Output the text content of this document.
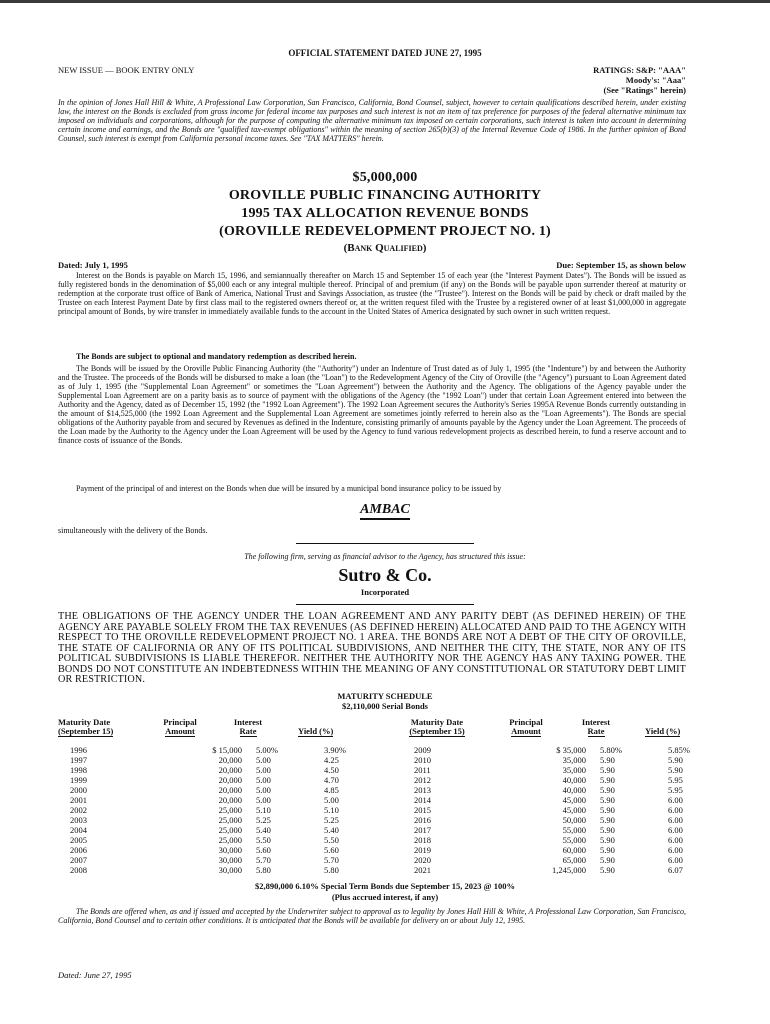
OFFICIAL STATEMENT DATED JUNE 27, 1995
NEW ISSUE — BOOK ENTRY ONLY	RATINGS: S&P: "AAA"
Moody's: "Aaa"
(See "Ratings" herein)
In the opinion of Jones Hall Hill & White, A Professional Law Corporation, San Francisco, California, Bond Counsel, subject, however to certain qualifications described herein, under existing law, the interest on the Bonds is excluded from gross income for federal income tax purposes and such interest is not an item of tax preference for purposes of the federal alternative minimum tax imposed on individuals and corporations, although for the purpose of computing the alternative minimum tax imposed on certain corporations, such interest is taken into account in determining certain income and earnings, and the Bonds are "qualified tax-exempt obligations" within the meaning of section 265(b)(3) of the Internal Revenue Code of 1986. In the further opinion of Bond Counsel, such interest is exempt from California personal income taxes. See "TAX MATTERS" herein.
$5,000,000
OROVILLE PUBLIC FINANCING AUTHORITY
1995 TAX ALLOCATION REVENUE BONDS
(OROVILLE REDEVELOPMENT PROJECT NO. 1)
(Bank Qualified)
Dated: July 1, 1995	Due: September 15, as shown below
Interest on the Bonds is payable on March 15, 1996, and semiannually thereafter on March 15 and September 15 of each year (the "Interest Payment Dates"). The Bonds will be issued as fully registered bonds in the denomination of $5,000 each or any integral multiple thereof. Principal of and premium (if any) on the Bonds will be payable upon surrender thereof at maturity or redemption at the corporate trust office of Bank of America, National Trust and Savings Association, as trustee (the "Trustee"). Interest on the Bonds will be paid by check or draft mailed by the Trustee on each Interest Payment Date by first class mail to the registered owners thereof or, at the written request filed with the Trustee by a registered owner of at least $1,000,000 in aggregate principal amount of Bonds, by wire transfer in immediately available funds to the account in the United States of America designated by such owner in such written request.
The Bonds are subject to optional and mandatory redemption as described herein.
The Bonds will be issued by the Oroville Public Financing Authority (the "Authority") under an Indenture of Trust dated as of July 1, 1995 (the "Indenture") by and between the Authority and the Trustee. The proceeds of the Bonds will be disbursed to make a loan (the "Loan") to the Redevelopment Agency of the City of Oroville (the "Agency") pursuant to Loan Agreement dated as of July 1, 1995 (the "Supplemental Loan Agreement" or sometimes the "Loan Agreement") between the Authority and the Agency. The obligations of the Agency payable under the Supplemental Loan Agreement are on a parity basis as to source of payment with the obligations of the Agency (the "1992 Loan") under that certain Loan Agreement entered into between the Authority and the Agency, dated as of December 15, 1992 (the "1992 Loan Agreement"). The 1992 Loan Agreement secures the Authority's Series 1995A Revenue Bonds currently outstanding in the amount of $14,525,000 (the 1992 Loan Agreement and the Supplemental Loan Agreement are sometimes jointly referred to herein also as the "Loan Agreements"). The Bonds are special obligations of the Authority payable from and secured by Revenues as defined in the Indenture, consisting primarily of amounts payable by the Agency under the Loan Agreement. The proceeds of the Loan made by the Authority to the Agency under the Loan Agreement will be used by the Agency to fund various redevelopment projects as described herein, to fund a reserve account and to finance costs of issuance of the Bonds.
Payment of the principal of and interest on the Bonds when due will be insured by a municipal bond insurance policy to be issued by
AMBAC
simultaneously with the delivery of the Bonds.
The following firm, serving as financial advisor to the Agency, has structured this issue:
Sutro & Co.
Incorporated
THE OBLIGATIONS OF THE AGENCY UNDER THE LOAN AGREEMENT AND ANY PARITY DEBT (AS DEFINED HEREIN) OF THE AGENCY ARE PAYABLE SOLELY FROM THE TAX REVENUES (AS DEFINED HEREIN) ALLOCATED AND PAID TO THE AGENCY WITH RESPECT TO THE OROVILLE REDEVELOPMENT PROJECT NO. 1 AREA. THE BONDS ARE NOT A DEBT OF THE CITY OF OROVILLE, THE STATE OF CALIFORNIA OR ANY OF ITS POLITICAL SUBDIVISIONS, AND NEITHER THE CITY, THE STATE, NOR ANY OF ITS POLITICAL SUBDIVISIONS IS LIABLE THEREFOR. NEITHER THE AUTHORITY NOR THE AGENCY HAS ANY TAXING POWER. THE BONDS DO NOT CONSTITUTE AN INDEBTEDNESS WITHIN THE MEANING OF ANY CONSTITUTIONAL OR STATUTORY DEBT LIMIT OR RESTRICTION.
MATURITY SCHEDULE
$2,110,000 Serial Bonds
Maturity Date
(September 15)
Principal
Amount
Interest
Rate	Yield (%)
Maturity Date
(September 15)
Principal
Amount
Interest
Rate	Yield (%)
1996	$ 15,000	5.00%	3.90%
1997	20,000	5.00	4.25
1998	20,000	5.00	4.50
1999	20,000	5.00	4.70
2000	20,000	5.00	4.85
2001	20,000	5.00	5.00
2002	25,000	5.10	5.10
2003	25,000	5.25	5.25
2004	25,000	5.40	5.40
2005	25,000	5.50	5.50
2006	30,000	5.60	5.60
2007	30,000	5.70	5.70
2008	30,000	5.80	5.80
2009	$ 35,000	5.80%	5.85%
2010	35,000	5.90	5.90
2011	35,000	5.90	5.90
2012	40,000	5.90	5.95
2013	40,000	5.90	5.95
2014	45,000	5.90	6.00
2015	45,000	5.90	6.00
2016	50,000	5.90	6.00
2017	55,000	5.90	6.00
2018	55,000	5.90	6.00
2019	60,000	5.90	6.00
2020	65,000	5.90	6.00
2021	1,245,000	5.90	6.07
$2,890,000 6.10% Special Term Bonds due September 15, 2023 @ 100%
(Plus accrued interest, if any)
The Bonds are offered when, as and if issued and accepted by the Underwriter subject to approval as to legality by Jones Hall Hill & White, A Professional Law Corporation, San Francisco, California, Bond Counsel and to certain other conditions. It is anticipated that the Bonds will be available for delivery on or about July 12, 1995.
Dated: June 27, 1995
